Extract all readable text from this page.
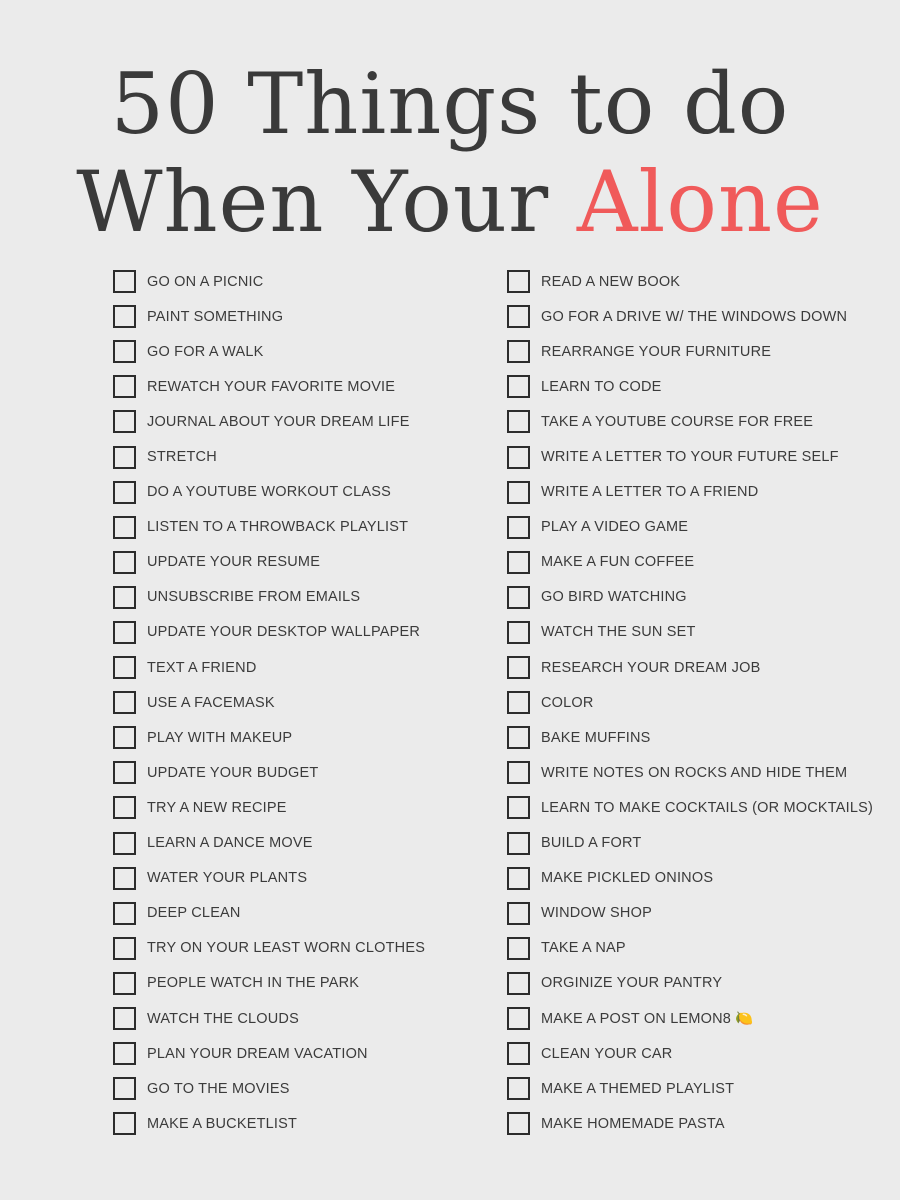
50 Things to do
When Your Alone
GO ON A PICNIC
PAINT SOMETHING
GO FOR A WALK
REWATCH YOUR FAVORITE MOVIE
JOURNAL ABOUT YOUR DREAM LIFE
STRETCH
DO A YOUTUBE WORKOUT CLASS
LISTEN TO A THROWBACK PLAYLIST
UPDATE YOUR RESUME
UNSUBSCRIBE FROM EMAILS
UPDATE YOUR DESKTOP WALLPAPER
TEXT A FRIEND
USE A FACEMASK
PLAY WITH MAKEUP
UPDATE YOUR BUDGET
TRY A NEW RECIPE
LEARN A DANCE MOVE
WATER YOUR PLANTS
DEEP CLEAN
TRY ON YOUR LEAST WORN CLOTHES
PEOPLE WATCH IN THE PARK
WATCH THE CLOUDS
PLAN YOUR DREAM VACATION
GO TO THE MOVIES
MAKE A BUCKETLIST
READ A NEW BOOK
GO FOR A DRIVE W/ THE WINDOWS DOWN
REARRANGE YOUR FURNITURE
LEARN TO CODE
TAKE A YOUTUBE COURSE FOR FREE
WRITE A LETTER TO YOUR FUTURE SELF
WRITE A LETTER TO A FRIEND
PLAY A VIDEO GAME
MAKE A FUN COFFEE
GO BIRD WATCHING
WATCH THE SUN SET
RESEARCH YOUR DREAM JOB
COLOR
BAKE MUFFINS
WRITE NOTES ON ROCKS AND HIDE THEM
LEARN TO MAKE COCKTAILS (OR MOCKTAILS)
BUILD A FORT
MAKE PICKLED ONINOS
WINDOW SHOP
TAKE A NAP
ORGINIZE YOUR PANTRY
MAKE A POST ON LEMON8 🍋
CLEAN YOUR CAR
MAKE A THEMED PLAYLIST
MAKE HOMEMADE PASTA
